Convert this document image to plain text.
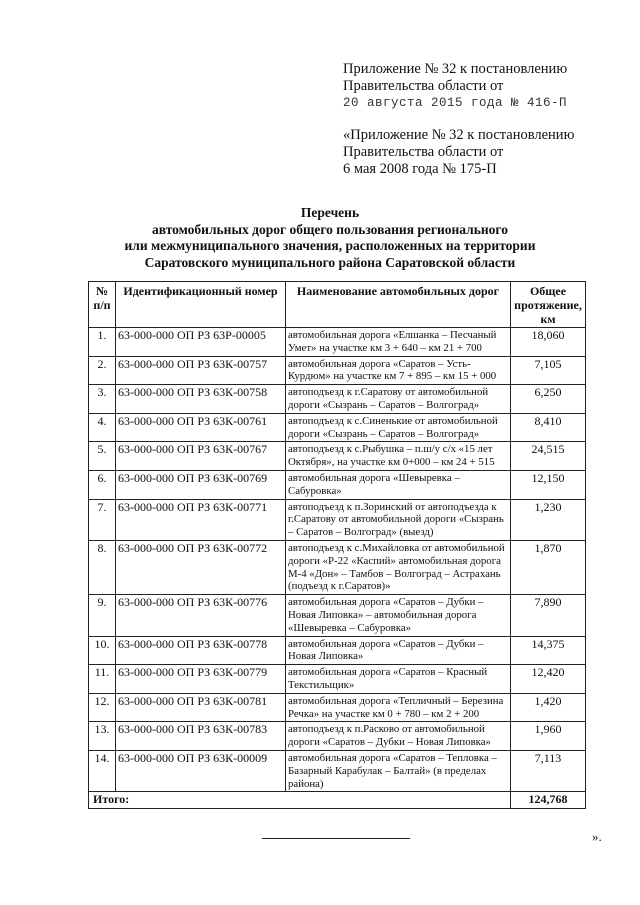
Приложение № 32 к постановлению
Правительства области от
20 августа 2015 года № 416-П
«Приложение № 32 к постановлению
Правительства области от
6 мая 2008 года № 175-П
Перечень
автомобильных дорог общего пользования регионального
или межмуниципального значения, расположенных на территории
Саратовского муниципального района Саратовской области
№ п/п	Идентификационный номер	Наименование автомобильных дорог	Общее протяжение, км
1.	63-000-000 ОП РЗ 63Р-00005	автомобильная дорога «Елшанка – Песчаный Умет» на участке км 3 + 640 – км 21 + 700	18,060
2.	63-000-000 ОП РЗ 63К-00757	автомобильная дорога «Саратов – Усть-Курдюм» на участке км 7 + 895 – км 15 + 000	7,105
3.	63-000-000 ОП РЗ 63К-00758	автоподъезд к г.Саратову от автомобильной дороги «Сызрань – Саратов – Волгоград»	6,250
4.	63-000-000 ОП РЗ 63К-00761	автоподъезд к с.Синенькие от автомобильной дороги «Сызрань – Саратов – Волгоград»	8,410
5.	63-000-000 ОП РЗ 63К-00767	автоподъезд к с.Рыбушка – п.ш/у с/х «15 лет Октября», на участке км 0+000 – км 24 + 515	24,515
6.	63-000-000 ОП РЗ 63К-00769	автомобильная дорога «Шевыревка – Сабуровка»	12,150
7.	63-000-000 ОП РЗ 63К-00771	автоподъезд к п.Зоринский от автоподъезда к г.Саратову от автомобильной дороги «Сызрань – Саратов – Волгоград» (выезд)	1,230
8.	63-000-000 ОП РЗ 63К-00772	автоподъезд к с.Михайловка от автомобильной дороги «Р-22 «Каспий» автомобильная дорога М-4 «Дон» – Тамбов – Волгоград – Астрахань (подъезд к г.Саратов)»	1,870
9.	63-000-000 ОП РЗ 63К-00776	автомобильная дорога «Саратов – Дубки – Новая Липовка» – автомобильная дорога «Шевыревка – Сабуровка»	7,890
10.	63-000-000 ОП РЗ 63К-00778	автомобильная дорога «Саратов – Дубки – Новая Липовка»	14,375
11.	63-000-000 ОП РЗ 63К-00779	автомобильная дорога «Саратов – Красный Текстильщик»	12,420
12.	63-000-000 ОП РЗ 63К-00781	автомобильная дорога «Тепличный – Березина Речка» на участке км 0 + 780 – км 2 + 200	1,420
13.	63-000-000 ОП РЗ 63К-00783	автоподъезд к п.Расково от автомобильной дороги «Саратов – Дубки – Новая Липовка»	1,960
14.	63-000-000 ОП РЗ 63К-00009	автомобильная дорога «Саратов – Тепловка – Базарный Карабулак – Балтай» (в пределах района)	7,113
Итого:			124,768
».
